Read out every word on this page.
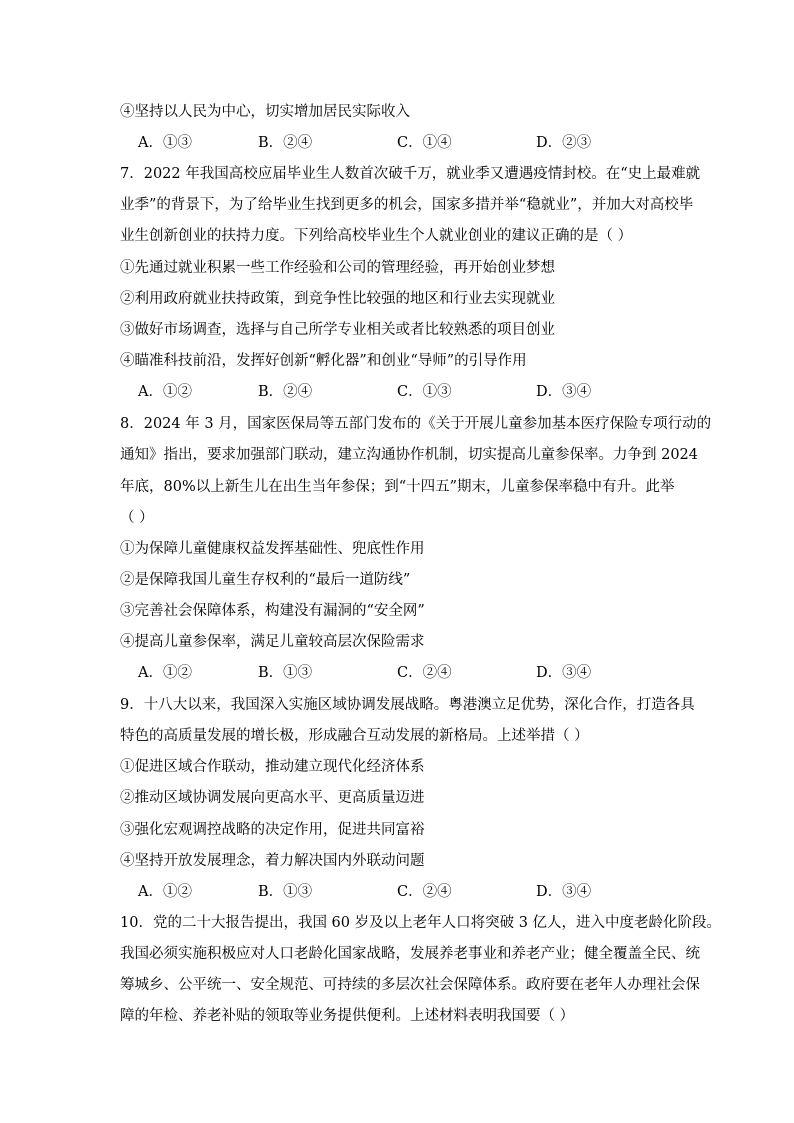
④坚持以人民为中心，切实增加居民实际收入
A．①③	B．②④	C．①④	D．②③
7．2022 年我国高校应届毕业生人数首次破千万，就业季又遭遇疫情封校。在“史上最难就
业季”的背景下，为了给毕业生找到更多的机会，国家多措并举“稳就业”，并加大对高校毕
业生创新创业的扶持力度。下列给高校毕业生个人就业创业的建议正确的是（ ）
①先通过就业积累一些工作经验和公司的管理经验，再开始创业梦想
②利用政府就业扶持政策，到竞争性比较强的地区和行业去实现就业
③做好市场调查，选择与自己所学专业相关或者比较熟悉的项目创业
④瞄准科技前沿，发挥好创新“孵化器”和创业“导师”的引导作用
A．①②	B．②④	C．①③	D．③④
8．2024 年 3 月，国家医保局等五部门发布的《关于开展儿童参加基本医疗保险专项行动的
通知》指出，要求加强部门联动，建立沟通协作机制，切实提高儿童参保率。力争到 2024
年底，80%以上新生儿在出生当年参保；到“十四五”期末，儿童参保率稳中有升。此举
（ ）
①为保障儿童健康权益发挥基础性、兜底性作用
②是保障我国儿童生存权利的“最后一道防线”
③完善社会保障体系，构建没有漏洞的“安全网”
④提高儿童参保率，满足儿童较高层次保险需求
A．①②	B．①③	C．②④	D．③④
9．十八大以来，我国深入实施区域协调发展战略。粤港澳立足优势，深化合作，打造各具
特色的高质量发展的增长极，形成融合互动发展的新格局。上述举措（ ）
①促进区域合作联动，推动建立现代化经济体系
②推动区域协调发展向更高水平、更高质量迈进
③强化宏观调控战略的决定作用，促进共同富裕
④坚持开放发展理念，着力解决国内外联动问题
A．①②	B．①③	C．②④	D．③④
10．党的二十大报告提出，我国 60 岁及以上老年人口将突破 3 亿人，进入中度老龄化阶段。
我国必须实施积极应对人口老龄化国家战略，发展养老事业和养老产业；健全覆盖全民、统
筹城乡、公平统一、安全规范、可持续的多层次社会保障体系。政府要在老年人办理社会保
障的年检、养老补贴的领取等业务提供便利。上述材料表明我国要（ ）
